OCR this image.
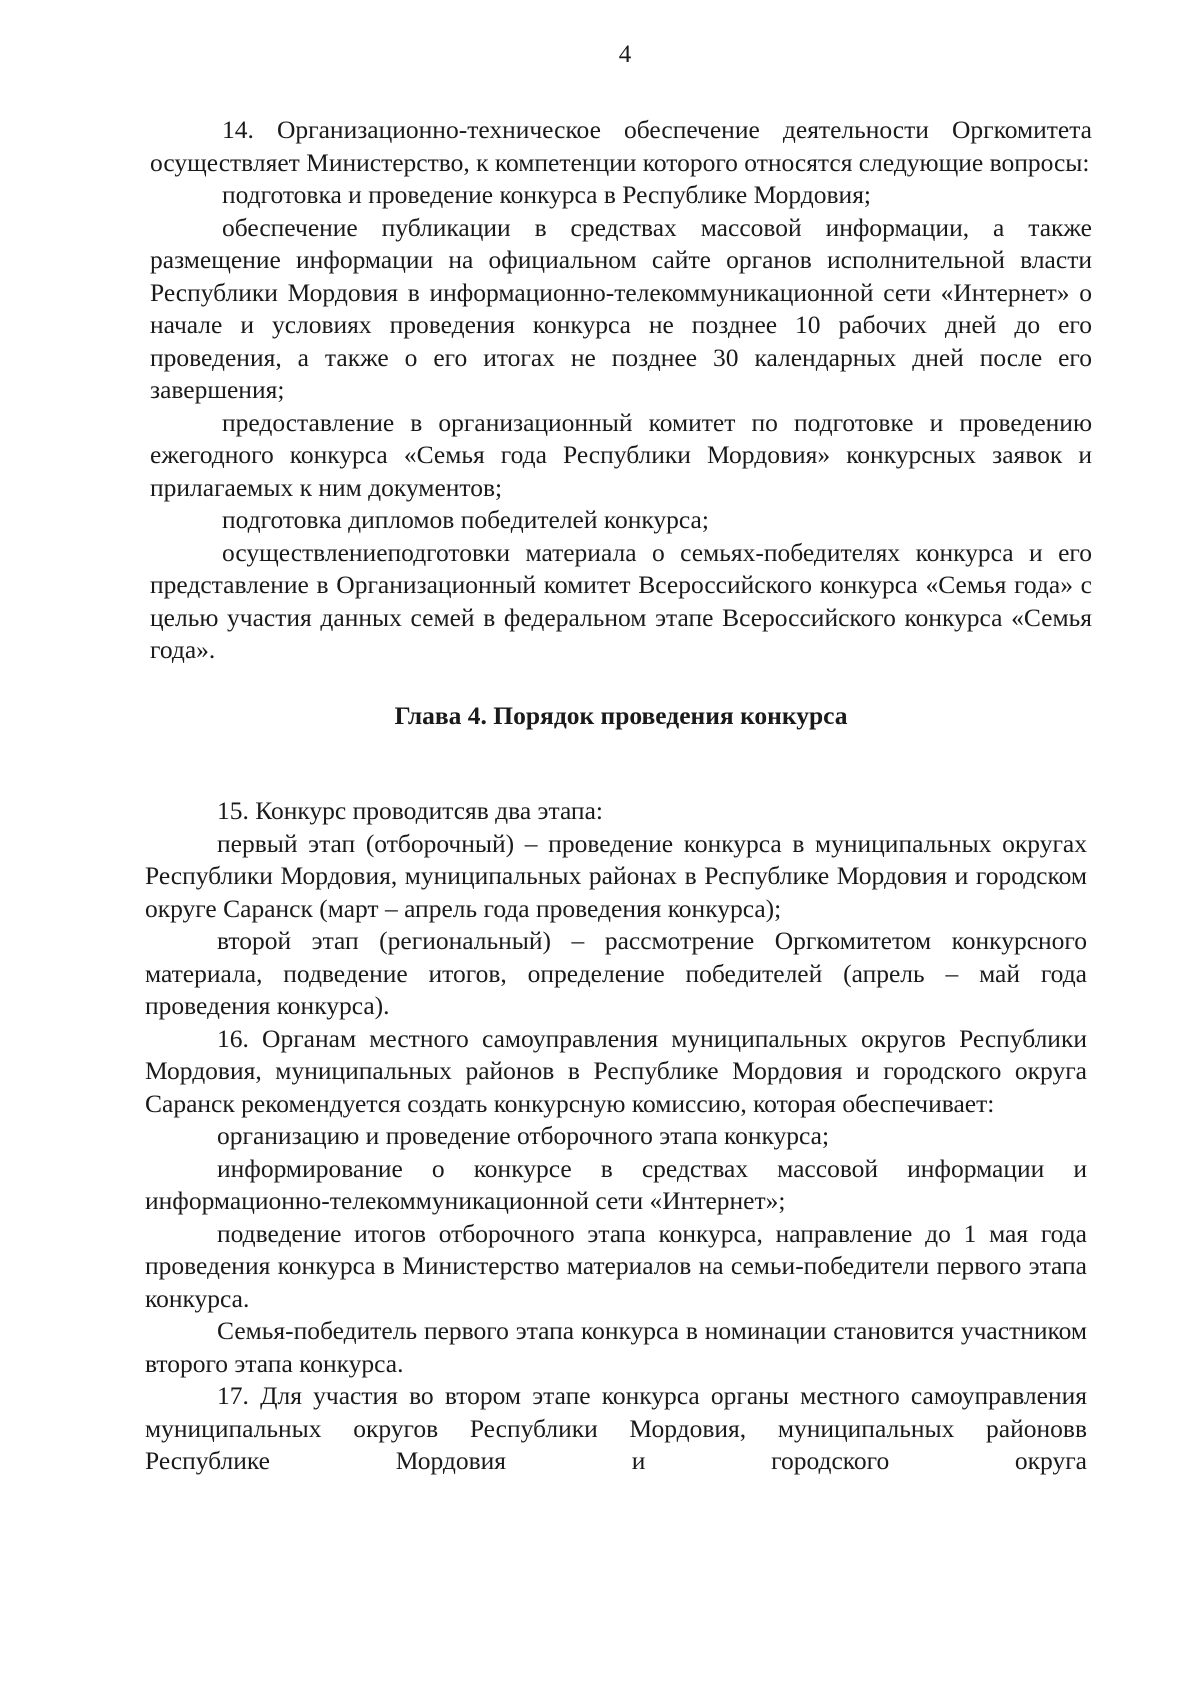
4

14. Организационно-техническое обеспечение деятельности Оргкомитета осуществляет Министерство, к компетенции которого относятся следующие вопросы:

подготовка и проведение конкурса в Республике Мордовия;

обеспечение публикации в средствах массовой информации, а также размещение информации на официальном сайте органов исполнительной власти Республики Мордовия в информационно-телекоммуникационной сети «Интернет» о начале и условиях проведения конкурса не позднее 10 рабочих дней до его проведения, а также о его итогах не позднее 30 календарных дней после его завершения;

предоставление в организационный комитет по подготовке и проведению ежегодного конкурса «Семья года Республики Мордовия» конкурсных заявок и прилагаемых к ним документов;

подготовка дипломов победителей конкурса;

осуществлениеподготовки материала о семьях-победителях конкурса и его представление в Организационный комитет Всероссийского конкурса «Семья года» с целью участия данных семей в федеральном этапе Всероссийского конкурса «Семья года».

Глава 4. Порядок проведения конкурса

15. Конкурс проводитсяв два этапа:

первый этап (отборочный) – проведение конкурса в муниципальных округах Республики Мордовия, муниципальных районах в Республике Мордовия и городском округе Саранск (март – апрель года проведения конкурса);

второй этап (региональный) – рассмотрение Оргкомитетом конкурсного материала, подведение итогов, определение победителей (апрель – май года проведения конкурса).

16. Органам местного самоуправления муниципальных округов Республики Мордовия, муниципальных районов в Республике Мордовия и городского округа Саранск рекомендуется создать конкурсную комиссию, которая обеспечивает:

организацию и проведение отборочного этапа конкурса;

информирование о конкурсе в средствах массовой информации и информационно-телекоммуникационной сети «Интернет»;

подведение итогов отборочного этапа конкурса, направление до 1 мая года проведения конкурса в Министерство материалов на семьи-победители первого этапа конкурса.

Семья-победитель первого этапа конкурса в номинации становится участником второго этапа конкурса.

17. Для участия во втором этапе конкурса органы местного самоуправления муниципальных округов Республики Мордовия, муниципальных районовв Республике Мордовия и городского округа
